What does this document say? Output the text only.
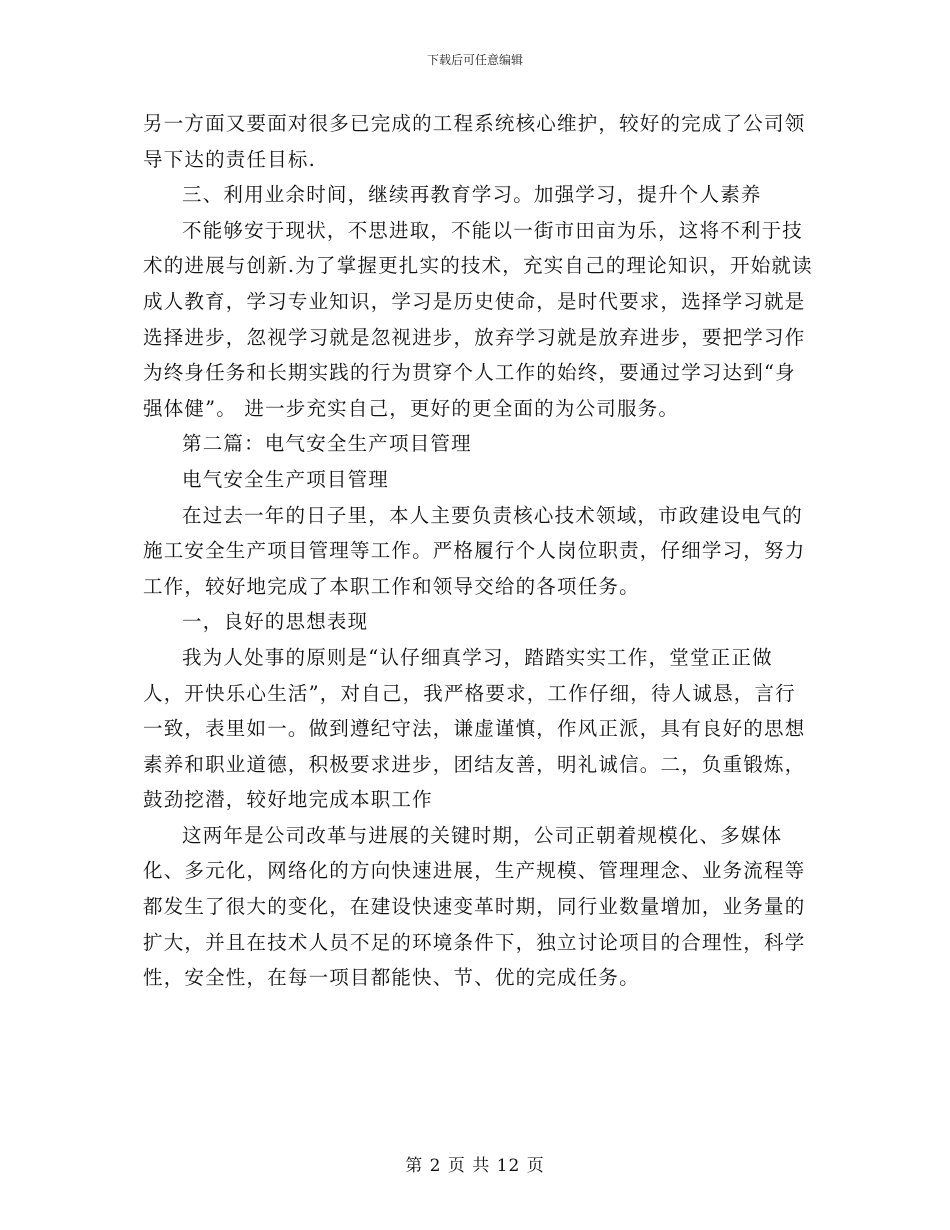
下载后可任意编辑

另一方面又要面对很多已完成的工程系统核心维护，较好的完成了公司领导下达的责任目标.

三、利用业余时间，继续再教育学习。加强学习，提升个人素养

不能够安于现状，不思进取，不能以一街市田亩为乐，这将不利于技术的进展与创新.为了掌握更扎实的技术，充实自己的理论知识，开始就读成人教育，学习专业知识，学习是历史使命，是时代要求，选择学习就是选择进步，忽视学习就是忽视进步，放弃学习就是放弃进步，要把学习作为终身任务和长期实践的行为贯穿个人工作的始终，要通过学习达到“身强体健”。 进一步充实自己，更好的更全面的为公司服务。

第二篇：电气安全生产项目管理

电气安全生产项目管理

在过去一年的日子里，本人主要负责核心技术领域，市政建设电气的施工安全生产项目管理等工作。严格履行个人岗位职责，仔细学习，努力工作，较好地完成了本职工作和领导交给的各项任务。

一，良好的思想表现

我为人处事的原则是“认仔细真学习，踏踏实实工作，堂堂正正做人，开快乐心生活”，对自己，我严格要求，工作仔细，待人诚恳，言行一致，表里如一。做到遵纪守法，谦虚谨慎，作风正派，具有良好的思想素养和职业道德，积极要求进步，团结友善，明礼诚信。二，负重锻炼，鼓劲挖潜，较好地完成本职工作

这两年是公司改革与进展的关键时期，公司正朝着规模化、多媒体化、多元化，网络化的方向快速进展，生产规模、管理理念、业务流程等都发生了很大的变化，在建设快速变革时期，同行业数量增加，业务量的扩大，并且在技术人员不足的环境条件下，独立讨论项目的合理性，科学性，安全性，在每一项目都能快、节、优的完成任务。

第 2 页 共 12 页
